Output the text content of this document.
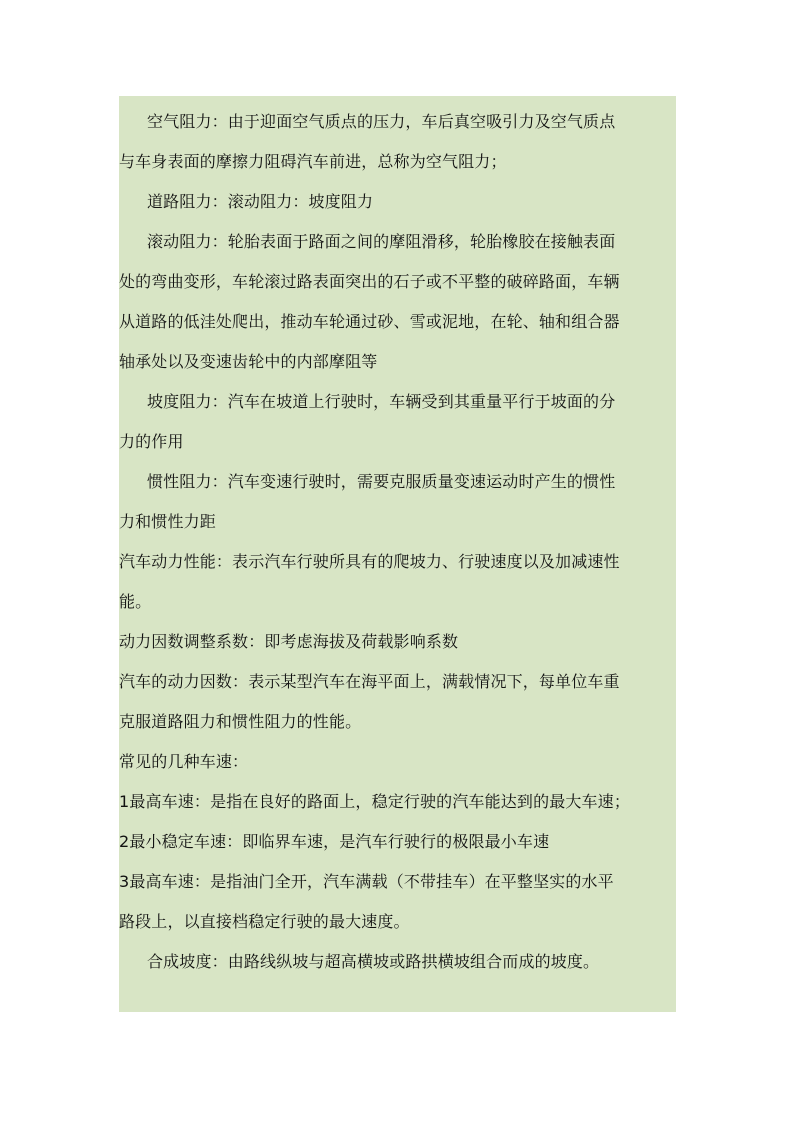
空气阻力：由于迎面空气质点的压力，车后真空吸引力及空气质点

与车身表面的摩擦力阻碍汽车前进，总称为空气阻力；

道路阻力：滚动阻力：坡度阻力

滚动阻力：轮胎表面于路面之间的摩阻滑移，轮胎橡胶在接触表面

处的弯曲变形，车轮滚过路表面突出的石子或不平整的破碎路面，车辆

从道路的低洼处爬出，推动车轮通过砂、雪或泥地，在轮、轴和组合器

轴承处以及变速齿轮中的内部摩阻等

坡度阻力：汽车在坡道上行驶时，车辆受到其重量平行于坡面的分

力的作用

惯性阻力：汽车变速行驶时，需要克服质量变速运动时产生的惯性

力和惯性力距

汽车动力性能：表示汽车行驶所具有的爬坡力、行驶速度以及加减速性

能。

动力因数调整系数：即考虑海拔及荷载影响系数

汽车的动力因数：表示某型汽车在海平面上，满载情况下，每单位车重

克服道路阻力和惯性阻力的性能。

常见的几种车速：

1最高车速：是指在良好的路面上，稳定行驶的汽车能达到的最大车速；

2最小稳定车速：即临界车速，是汽车行驶行的极限最小车速

3最高车速：是指油门全开，汽车满载（不带挂车）在平整坚实的水平

路段上，以直接档稳定行驶的最大速度。

合成坡度：由路线纵坡与超高横坡或路拱横坡组合而成的坡度。
